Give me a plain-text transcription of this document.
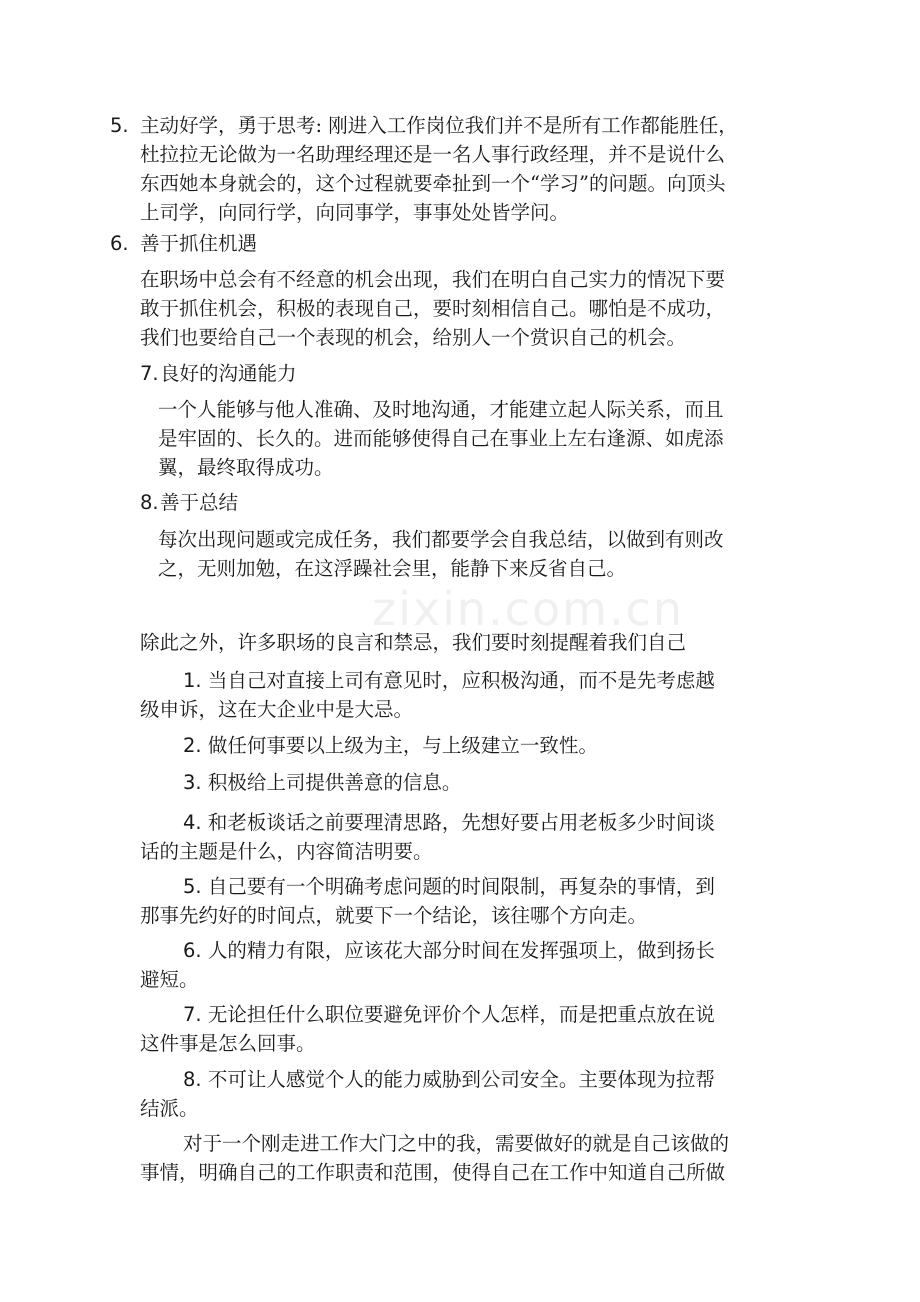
zixin.com.cn
5. 主动好学，勇于思考: 刚进入工作岗位我们并不是所有工作都能胜任，
杜拉拉无论做为一名助理经理还是一名人事行政经理，并不是说什么
东西她本身就会的，这个过程就要牵扯到一个“学习”的问题。向顶头
上司学，向同行学，向同事学，事事处处皆学问。
6. 善于抓住机遇
在职场中总会有不经意的机会出现，我们在明白自己实力的情况下要
敢于抓住机会，积极的表现自己，要时刻相信自己。哪怕是不成功，
我们也要给自己一个表现的机会，给别人一个赏识自己的机会。
7. 良好的沟通能力
一个人能够与他人准确、及时地沟通，才能建立起人际关系，而且
是牢固的、长久的。进而能够使得自己在事业上左右逢源、如虎添
翼，最终取得成功。
8. 善于总结
每次出现问题或完成任务，我们都要学会自我总结，以做到有则改
之，无则加勉，在这浮躁社会里，能静下来反省自己。
除此之外，许多职场的良言和禁忌，我们要时刻提醒着我们自己
1. 当自己对直接上司有意见时，应积极沟通，而不是先考虑越
级申诉，这在大企业中是大忌。
2. 做任何事要以上级为主，与上级建立一致性。
3. 积极给上司提供善意的信息。
4. 和老板谈话之前要理清思路，先想好要占用老板多少时间谈
话的主题是什么，内容简洁明要。
5. 自己要有一个明确考虑问题的时间限制，再复杂的事情，到
那事先约好的时间点，就要下一个结论，该往哪个方向走。
6. 人的精力有限，应该花大部分时间在发挥强项上，做到扬长
避短。
7. 无论担任什么职位要避免评价个人怎样，而是把重点放在说
这件事是怎么回事。
8. 不可让人感觉个人的能力威胁到公司安全。主要体现为拉帮
结派。
对于一个刚走进工作大门之中的我，需要做好的就是自己该做的
事情，明确自己的工作职责和范围，使得自己在工作中知道自己所做
